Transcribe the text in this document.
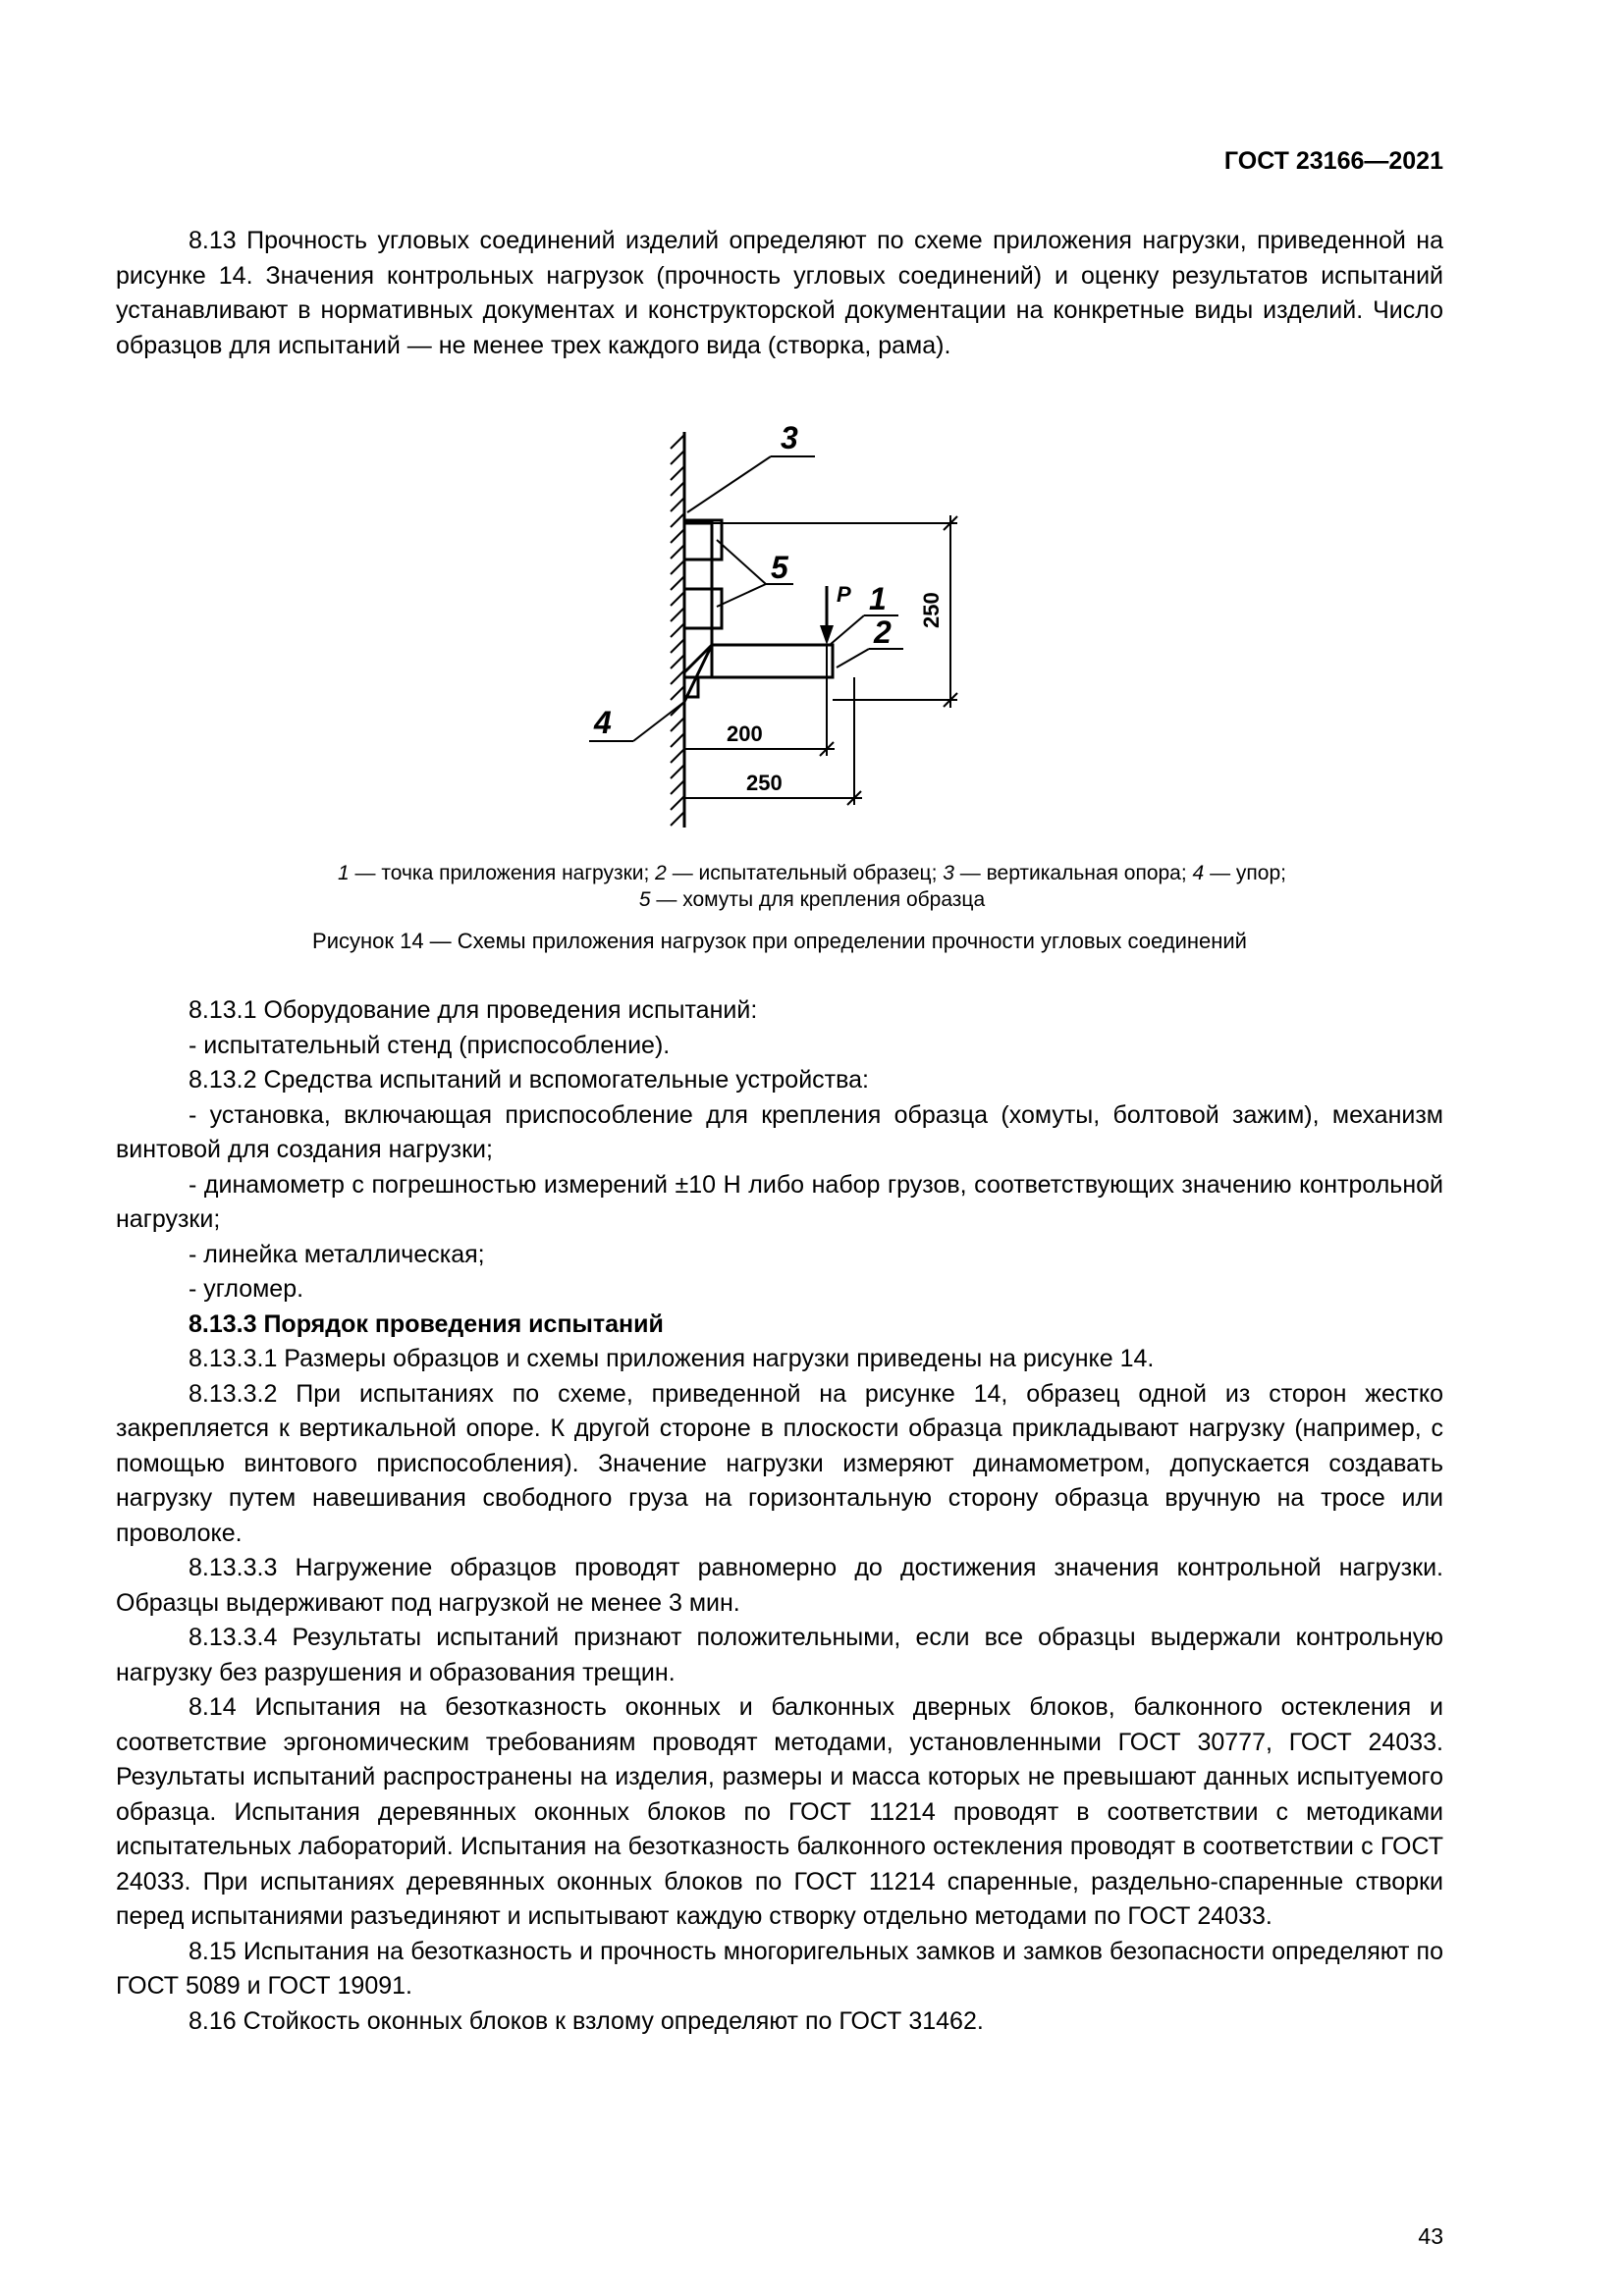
ГОСТ 23166—2021

8.13 Прочность угловых соединений изделий определяют по схеме приложения нагрузки, приведенной на рисунке 14. Значения контрольных нагрузок (прочность угловых соединений) и оценку результатов испытаний устанавливают в нормативных документах и конструкторской документации на конкретные виды изделий. Число образцов для испытаний — не менее трех каждого вида (створка, рама).

P
3
5
1
2
4
250
200
250
1 — точка приложения нагрузки; 2 — испытательный образец; 3 — вертикальная опора; 4 — упор;
5 — хомуты для крепления образца
Рисунок 14 — Схемы приложения нагрузок при определении прочности угловых соединений

8.13.1 Оборудование для проведения испытаний:

- испытательный стенд (приспособление).

8.13.2 Средства испытаний и вспомогательные устройства:

- установка, включающая приспособление для крепления образца (хомуты, болтовой зажим), механизм винтовой для создания нагрузки;

- динамометр с погрешностью измерений ±10 Н либо набор грузов, соответствующих значению контрольной нагрузки;

- линейка металлическая;

- угломер.

8.13.3 Порядок проведения испытаний

8.13.3.1 Размеры образцов и схемы приложения нагрузки приведены на рисунке 14.

8.13.3.2 При испытаниях по схеме, приведенной на рисунке 14, образец одной из сторон жестко закрепляется к вертикальной опоре. К другой стороне в плоскости образца прикладывают нагрузку (например, с помощью винтового приспособления). Значение нагрузки измеряют динамометром, допускается создавать нагрузку путем навешивания свободного груза на горизонтальную сторону образца вручную на тросе или проволоке.

8.13.3.3 Нагружение образцов проводят равномерно до достижения значения контрольной нагрузки. Образцы выдерживают под нагрузкой не менее 3 мин.

8.13.3.4 Результаты испытаний признают положительными, если все образцы выдержали контрольную нагрузку без разрушения и образования трещин.

8.14 Испытания на безотказность оконных и балконных дверных блоков, балконного остекления и соответствие эргономическим требованиям проводят методами, установленными ГОСТ 30777, ГОСТ 24033. Результаты испытаний распространены на изделия, размеры и масса которых не превышают данных испытуемого образца. Испытания деревянных оконных блоков по ГОСТ 11214 проводят в соответствии с методиками испытательных лабораторий. Испытания на безотказность балконного остекления проводят в соответствии с ГОСТ 24033. При испытаниях деревянных оконных блоков по ГОСТ 11214 спаренные, раздельно-спаренные створки перед испытаниями разъединяют и испытывают каждую створку отдельно методами по ГОСТ 24033.

8.15 Испытания на безотказность и прочность многоригельных замков и замков безопасности определяют по ГОСТ 5089 и ГОСТ 19091.

8.16 Стойкость оконных блоков к взлому определяют по ГОСТ 31462.

43
